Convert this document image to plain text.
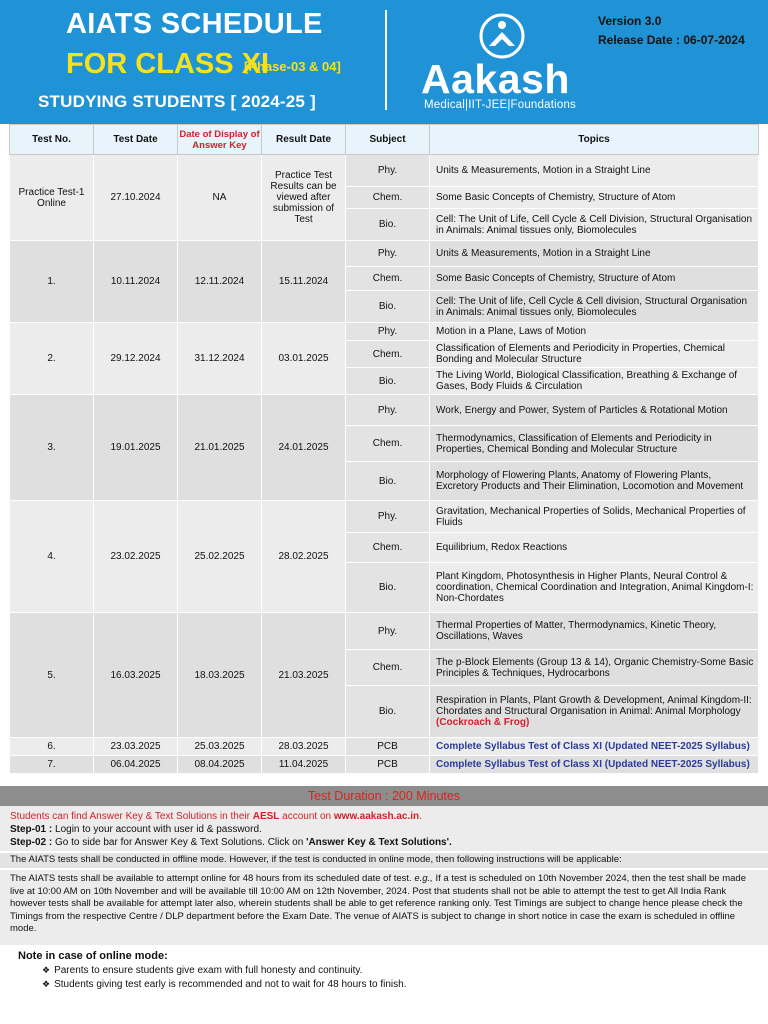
AIATS SCHEDULE
FOR CLASS XI
[Phase-03 & 04]
STUDYING STUDENTS [ 2024-25 ]	Aakash
Medical|IIT-JEE|Foundations
Version 3.0
Release Date : 06-07-2024
Test No.	Test Date	Date of Display of Answer Key	Result Date	Subject	Topics
Practice Test-1 Online	27.10.2024	NA	Practice Test Results can be viewed after submission of Test	Phy.	Units & Measurements, Motion in a Straight Line
				Chem.	Some Basic Concepts of Chemistry, Structure of Atom
				Bio.	Cell: The Unit of Life, Cell Cycle & Cell Division, Structural Organisation in Animals: Animal tissues only, Biomolecules
1.	10.11.2024	12.11.2024	15.11.2024	Phy.	Units & Measurements, Motion in a Straight Line
				Chem.	Some Basic Concepts of Chemistry, Structure of Atom
				Bio.	Cell: The Unit of life, Cell Cycle & Cell division, Structural Organisation in Animals: Animal tissues only, Biomolecules
2.	29.12.2024	31.12.2024	03.01.2025	Phy.	Motion in a Plane, Laws of Motion
				Chem.	Classification of Elements and Periodicity in Properties, Chemical Bonding and Molecular Structure
				Bio.	The Living World, Biological Classification, Breathing & Exchange of Gases, Body Fluids & Circulation
3.	19.01.2025	21.01.2025	24.01.2025	Phy.	Work, Energy and Power, System of Particles & Rotational Motion
				Chem.	Thermodynamics, Classification of Elements and Periodicity in Properties, Chemical Bonding and Molecular Structure
				Bio.	Morphology of Flowering Plants, Anatomy of Flowering Plants, Excretory Products and Their Elimination, Locomotion and Movement
4.	23.02.2025	25.02.2025	28.02.2025	Phy.	Gravitation, Mechanical Properties of Solids, Mechanical Properties of Fluids
				Chem.	Equilibrium, Redox Reactions
				Bio.	Plant Kingdom, Photosynthesis in Higher Plants, Neural Control & coordination, Chemical Coordination and Integration, Animal Kingdom-I: Non-Chordates
5.	16.03.2025	18.03.2025	21.03.2025	Phy.	Thermal Properties of Matter, Thermodynamics, Kinetic Theory, Oscillations, Waves
				Chem.	The p-Block Elements (Group 13 & 14), Organic Chemistry-Some Basic Principles & Techniques, Hydrocarbons
				Bio.	Respiration in Plants, Plant Growth & Development, Animal Kingdom-II: Chordates and Structural Organisation in Animal: Animal Morphology (Cockroach & Frog)
6.	23.03.2025	25.03.2025	28.03.2025	PCB	Complete Syllabus Test of Class XI (Updated NEET-2025 Syllabus)
7.	06.04.2025	08.04.2025	11.04.2025	PCB	Complete Syllabus Test of Class XI (Updated NEET-2025 Syllabus)
Test Duration : 200 Minutes
Students can find Answer Key & Text Solutions in their AESL account on www.aakash.ac.in.
Step-01 : Login to your account with user id & password.
Step-02 : Go to side bar for Answer Key & Text Solutions. Click on 'Answer Key & Text Solutions'.
The AIATS tests shall be conducted in offline mode. However, if the test is conducted in online mode, then following instructions will be applicable:
The AIATS tests shall be available to attempt online for 48 hours from its scheduled date of test. e.g., If a test is scheduled on 10th November 2024, then the test shall be made live at 10:00 AM on 10th November and will be available till 10:00 AM on 12th November, 2024. Post that students shall not be able to attempt the test to get All India Rank however tests shall be available for attempt later also, wherein students shall be able to get reference ranking only. Test Timings are subject to change hence please check the Timings from the respective Centre / DLP department before the Exam Date. The venue of AIATS is subject to change in short notice in case the exam is scheduled in offline mode.
Note in case of online mode:
❖ Parents to ensure students give exam with full honesty and continuity.
❖ Students giving test early is recommended and not to wait for 48 hours to finish.
